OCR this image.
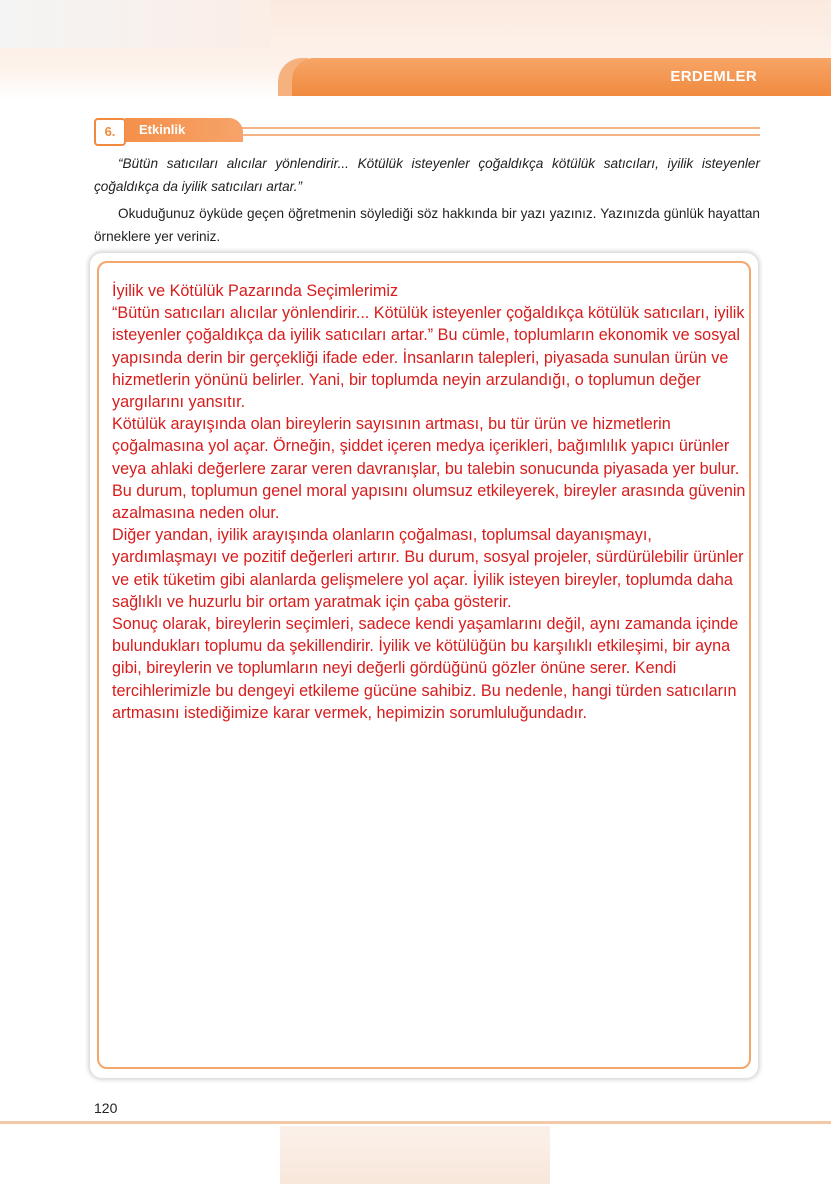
ERDEMLER
6.	Etkinlik
“Bütün satıcıları alıcılar yönlendirir... Kötülük isteyenler çoğaldıkça kötülük satıcıları, iyilik isteyenler çoğaldıkça da iyilik satıcıları artar.”
Okuduğunuz öyküde geçen öğretmenin söylediği söz hakkında bir yazı yazınız. Yazınızda günlük hayattan örneklere yer veriniz.

İyilik ve Kötülük Pazarında Seçimlerimiz

“Bütün satıcıları alıcılar yönlendirir... Kötülük isteyenler çoğaldıkça kötülük satıcıları, iyilik isteyenler çoğaldıkça da iyilik satıcıları artar.” Bu cümle, toplumların ekonomik ve sosyal yapısında derin bir gerçekliği ifade eder. İnsanların talepleri, piyasada sunulan ürün ve hizmetlerin yönünü belirler. Yani, bir toplumda neyin arzulandığı, o toplumun değer yargılarını yansıtır.

Kötülük arayışında olan bireylerin sayısının artması, bu tür ürün ve hizmetlerin çoğalmasına yol açar. Örneğin, şiddet içeren medya içerikleri, bağımlılık yapıcı ürünler veya ahlaki değerlere zarar veren davranışlar, bu talebin sonucunda piyasada yer bulur. Bu durum, toplumun genel moral yapısını olumsuz etkileyerek, bireyler arasında güvenin azalmasına neden olur.

Diğer yandan, iyilik arayışında olanların çoğalması, toplumsal dayanışmayı, yardımlaşmayı ve pozitif değerleri artırır. Bu durum, sosyal projeler, sürdürülebilir ürünler ve etik tüketim gibi alanlarda gelişmelere yol açar. İyilik isteyen bireyler, toplumda daha sağlıklı ve huzurlu bir ortam yaratmak için çaba gösterir.

Sonuç olarak, bireylerin seçimleri, sadece kendi yaşamlarını değil, aynı zamanda içinde bulundukları toplumu da şekillendirir. İyilik ve kötülüğün bu karşılıklı etkileşimi, bir ayna gibi, bireylerin ve toplumların neyi değerli gördüğünü gözler önüne serer. Kendi tercihlerimizle bu dengeyi etkileme gücüne sahibiz. Bu nedenle, hangi türden satıcıların artmasını istediğimize karar vermek, hepimizin sorumluluğundadır.

120
